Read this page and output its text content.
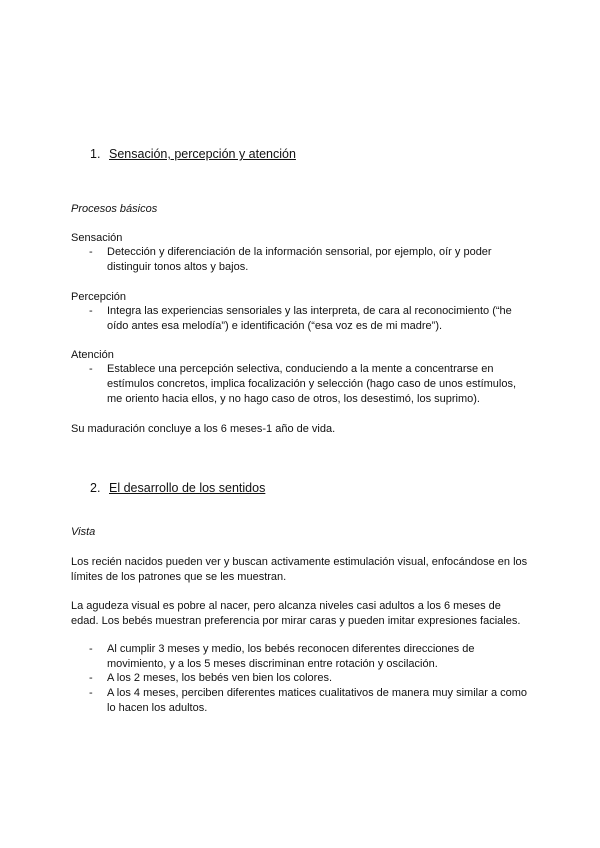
1. Sensación, percepción y atención
Procesos básicos
Sensación
-	Detección y diferenciación de la información sensorial, por ejemplo, oír y poder distinguir tonos altos y bajos.
Percepción
-	Integra las experiencias sensoriales y las interpreta, de cara al reconocimiento (“he oído antes esa melodía”) e identificación (“esa voz es de mi madre”).
Atención
-	Establece una percepción selectiva, conduciendo a la mente a concentrarse en estímulos concretos, implica focalización y selección (hago caso de unos estímulos, me oriento hacia ellos, y no hago caso de otros, los desestimó, los suprimo).
Su maduración concluye a los 6 meses-1 año de vida.
2. El desarrollo de los sentidos
Vista
Los recién nacidos pueden ver y buscan activamente estimulación visual, enfocándose en los límites de los patrones que se les muestran.
La agudeza visual es pobre al nacer, pero alcanza niveles casi adultos a los 6 meses de edad. Los bebés muestran preferencia por mirar caras y pueden imitar expresiones faciales.
-	Al cumplir 3 meses y medio, los bebés reconocen diferentes direcciones de movimiento, y a los 5 meses discriminan entre rotación y oscilación.
-	A los 2 meses, los bebés ven bien los colores.
-	A los 4 meses, perciben diferentes matices cualitativos de manera muy similar a como lo hacen los adultos.
